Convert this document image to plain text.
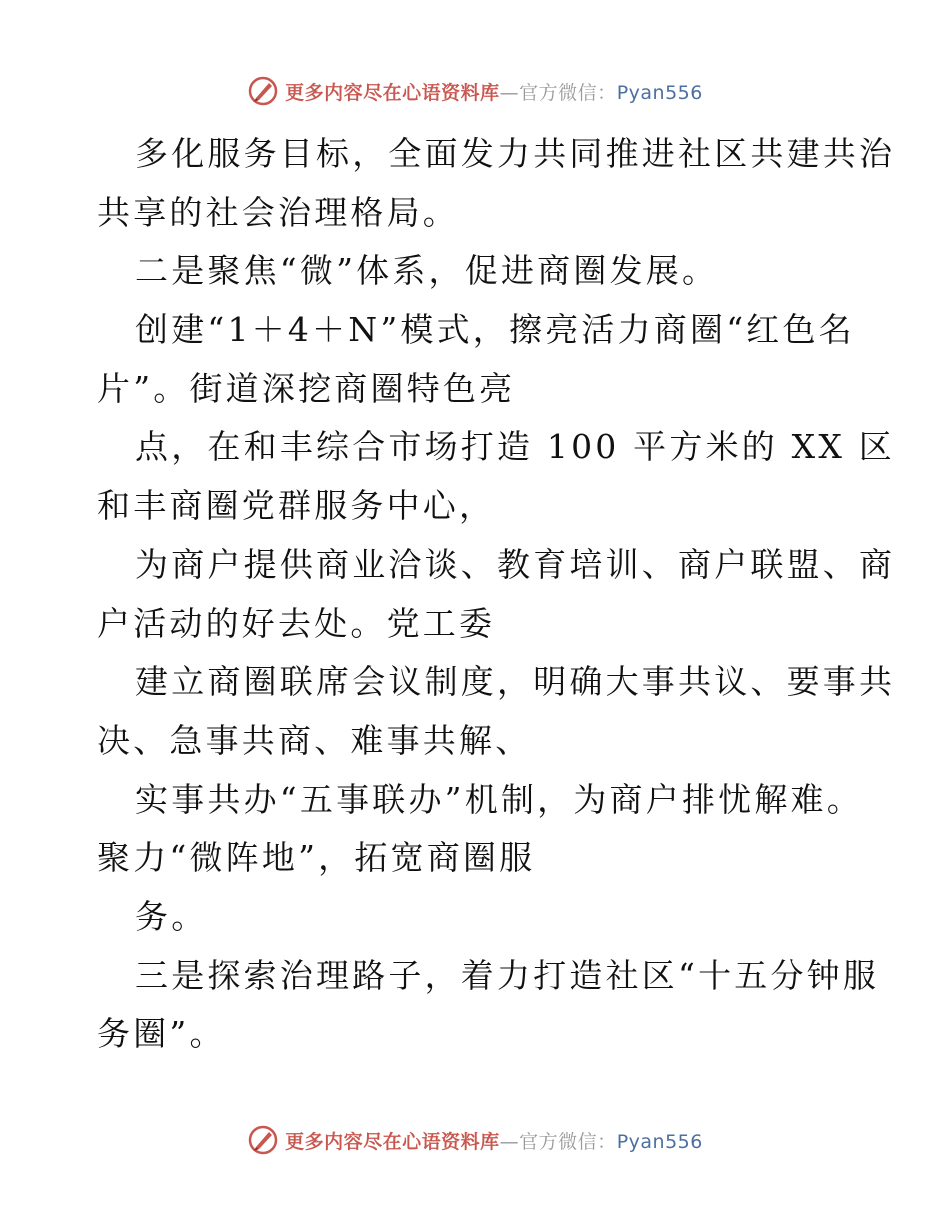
更多内容尽在心语资料库—官方微信：Pyan556
多化服务目标，全面发力共同推进社区共建共治
共享的社会治理格局。
二是聚焦“微”体系，促进商圈发展。
创建“1＋4＋N”模式，擦亮活力商圈“红色名
片”。街道深挖商圈特色亮
点，在和丰综合市场打造 100 平方米的 XX 区
和丰商圈党群服务中心，
为商户提供商业洽谈、教育培训、商户联盟、商
户活动的好去处。党工委
建立商圈联席会议制度，明确大事共议、要事共
决、急事共商、难事共解、
实事共办“五事联办”机制，为商户排忧解难。
聚力“微阵地”，拓宽商圈服
务。
三是探索治理路子，着力打造社区“十五分钟服
务圈”。
更多内容尽在心语资料库—官方微信：Pyan556
